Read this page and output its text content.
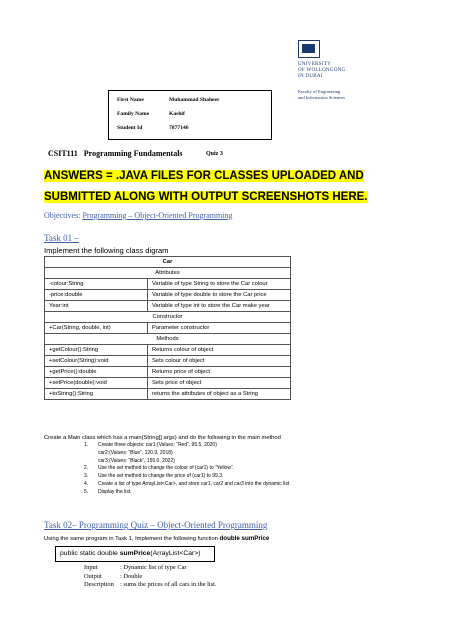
UNIVERSITY
OF WOLLONGONG
IN DUBAI
Faculty of Engineering
and Information Sciences
First Name	Muhammad Shaheer
Family Name	Kashif
Student Id	7877146
CSIT111   Programming Fundamentals	Quiz 3
ANSWERS = .JAVA FILES FOR CLASSES UPLOADED AND
SUBMITTED ALONG WITH OUTPUT SCREENSHOTS HERE.
Objectives: Programming – Object-Oriented Programming
Task 01 –
Implement the following class digram
Car	
Attributes	
-colour:String	Variable of type String to store the Car colour
-price:double	Variable of type double to store the Car price
Year:int	Variable of type int to store the Car make year
Constructor	
+Car(String, double, int)	Parameter constructor
Methods	
+getColour():String	Returns colour of object
+setColour(String):void	Sets colour of object
+getPrice():double	Returns price of object
+setPrice(double):void	Sets price of object
+toString():String	returns the attributes of object as a String
Create a Main class which has a main(String[] args) and do the following in the main method
1. Create three objects: car1:(Values: “Red”, 95.5, 2020)
car2:(Values: “Blue”, 120.9, 2018)
car3:(Values: “Black”, 155.0, 2022)
2. Use the set method to change the colour of (car1) to “Yellow”.
3. Use the set method to change the price of (car1) to 99.3.
4. Create a list of type ArrayList<Car>, and store car1, car2 and car3 into the dynamic list
5. Display the list.
Task 02– Programming Quiz – Object-Oriented Programming
Using the same program in Task 1, Implement the following function double sumPrice
public static double sumPrice(ArrayList<Car>)
Input	: Dynamic list of type Car
Output	: Double
Description : sums the prices of all cars in the list.
